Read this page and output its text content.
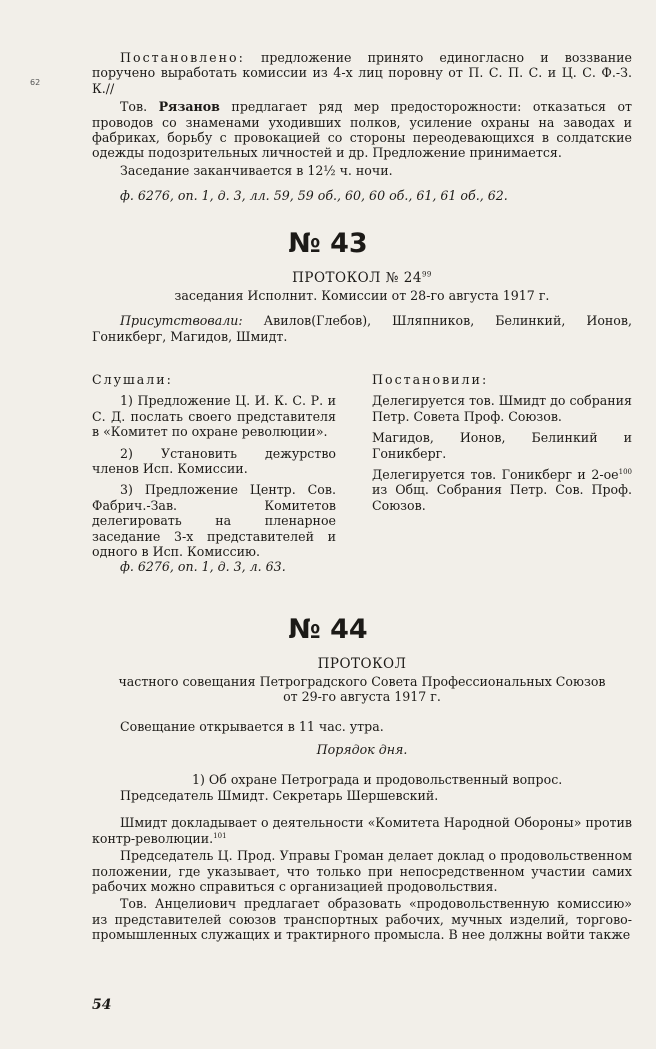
62

Постановлено: предложение принято единогласно и воззвание поручено выработать комиссии из 4-х лиц поровну от П. С. П. С. и Ц. С. Ф.-З. К.//

Тов. Рязанов предлагает ряд мер предосторожности: отказаться от проводов со знаменами уходивших полков, усиление охраны на заводах и фабриках, борьбу с провокацией со стороны переодевающихся в солдатские одежды подозрительных личностей и др. Предложение принимается.

Заседание заканчивается в 12½ ч. ночи.

ф. 6276, оп. 1, д. 3, лл. 59, 59 об., 60, 60 об., 61, 61 об., 62.

№ 43

ПРОТОКОЛ № $24^{99}$

заседания Исполнит. Комиссии от 28-го августа 1917 г.

Присутствовали: Авилов(Глебов), Шляпников, Белинкий, Ионов, Гоникберг, Магидов, Шмидт.

Слушали:

1) Предложение Ц. И. К. С. Р. и С. Д. послать своего представителя в «Комитет по охране революции».

2) Установить дежурство членов Исп. Комиссии.

3) Предложение Центр. Сов. Фабрич.-Зав. Комитетов делегировать на пленарное заседание 3-х представителей и одного в Исп. Комиссию.

Постановили:

Делегируется тов. Шмидт до собрания Петр. Совета Проф. Союзов.

Магидов, Ионов, Белинкий и Гоникберг.

Делегируется тов. Гоникберг и $2-ое^{100}$ из Общ. Собрания Петр. Сов. Проф. Союзов.

ф. 6276, оп. 1, д. 3, л. 63.

№ 44

ПРОТОКОЛ

частного совещания Петроградского Совета Профессиональных Союзов

от 29-го августа 1917 г.

Совещание открывается в 11 час. утра.

Порядок дня.

1) Об охране Петрограда и продовольственный вопрос.

Председатель Шмидт. Секретарь Шершевский.

Шмидт докладывает о деятельности «Комитета Народной Обороны» против контр-революции.$^{101}$

Председатель Ц. Прод. Управы Громан делает доклад о продовольственном положении, где указывает, что только при непосредственном участии самих рабочих можно справиться с организацией продовольствия.

Тов. Анцелиович предлагает образовать «продовольственную комиссию» из представителей союзов транспортных рабочих, мучных изделий, торгово-промышленных служащих и трактирного промысла. В нее должны войти также

54
